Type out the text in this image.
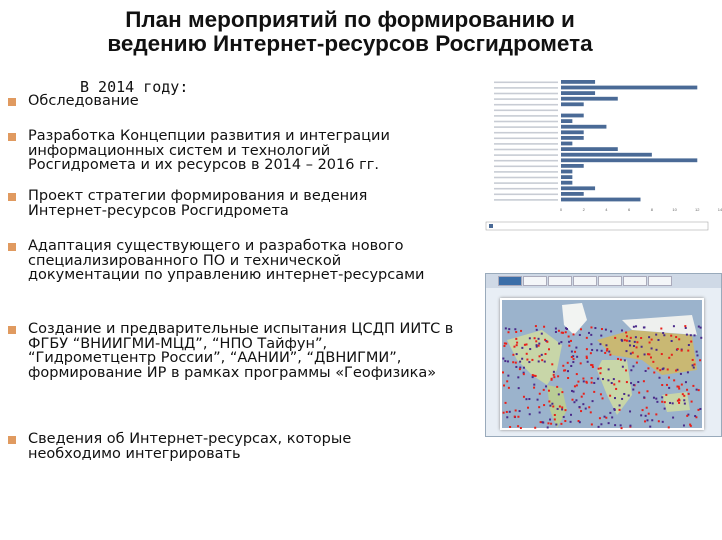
План мероприятий по формированию и
ведению Интернет-ресурсов Росгидромета
В 2014 году:
Обследование
Разработка Концепции развития и интеграции информационных систем и технологий Росгидромета и их ресурсов в 2014 – 2016 гг.
Проект стратегии формирования и ведения Интернет-ресурсов Росгидромета
Адаптация существующего и разработка нового специализированного ПО и технической документации по управлению интернет-ресурсами
Создание и предварительные испытания ЦСДП ИИТС в ФГБУ “ВНИИГМИ-МЦД”, “НПО Тайфун”, “Гидрометцентр России”, “ААНИИ”, “ДВНИГМИ”, формирование ИР в рамках программы «Геофизика»
Сведения об Интернет-ресурсах, которые необходимо интегрировать
0	2	4	6	8	10	12	14
